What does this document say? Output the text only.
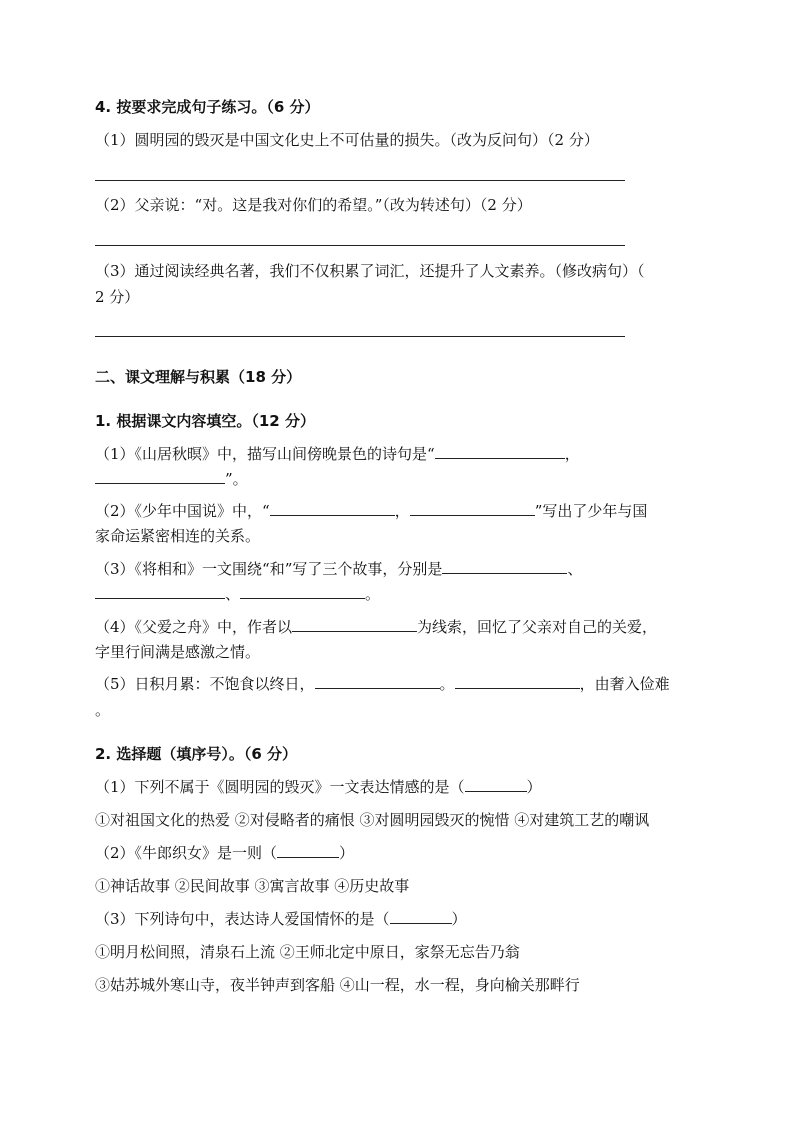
4. 按要求完成句子练习。（6 分）
（1）圆明园的毁灭是中国文化史上不可估量的损失。（改为反问句）（2 分）
（2）父亲说：“对。这是我对你们的希望。”（改为转述句）（2 分）
（3）通过阅读经典名著，我们不仅积累了词汇，还提升了人文素养。（修改病句）（
2 分）
二、课文理解与积累（18 分）
1. 根据课文内容填空。（12 分）
（1）《山居秋暝》中，描写山间傍晚景色的诗句是“	，
”。
（2）《少年中国说》中，“	，	”写出了少年与国
家命运紧密相连的关系。
（3）《将相和》一文围绕“和”写了三个故事，分别是	、
、	。
（4）《父爱之舟》中，作者以	为线索，回忆了父亲对自己的关爱，
字里行间满是感激之情。
（5）日积月累：不饱食以终日，	。	，由奢入俭难
。
2. 选择题（填序号）。（6 分）
（1）下列不属于《圆明园的毁灭》一文表达情感的是（	）
①对祖国文化的热爱 ②对侵略者的痛恨 ③对圆明园毁灭的惋惜 ④对建筑工艺的嘲讽
（2）《牛郎织女》是一则（	）
①神话故事 ②民间故事 ③寓言故事 ④历史故事
（3）下列诗句中，表达诗人爱国情怀的是（	）
①明月松间照，清泉石上流 ②王师北定中原日，家祭无忘告乃翁
③姑苏城外寒山寺，夜半钟声到客船 ④山一程，水一程，身向榆关那畔行
